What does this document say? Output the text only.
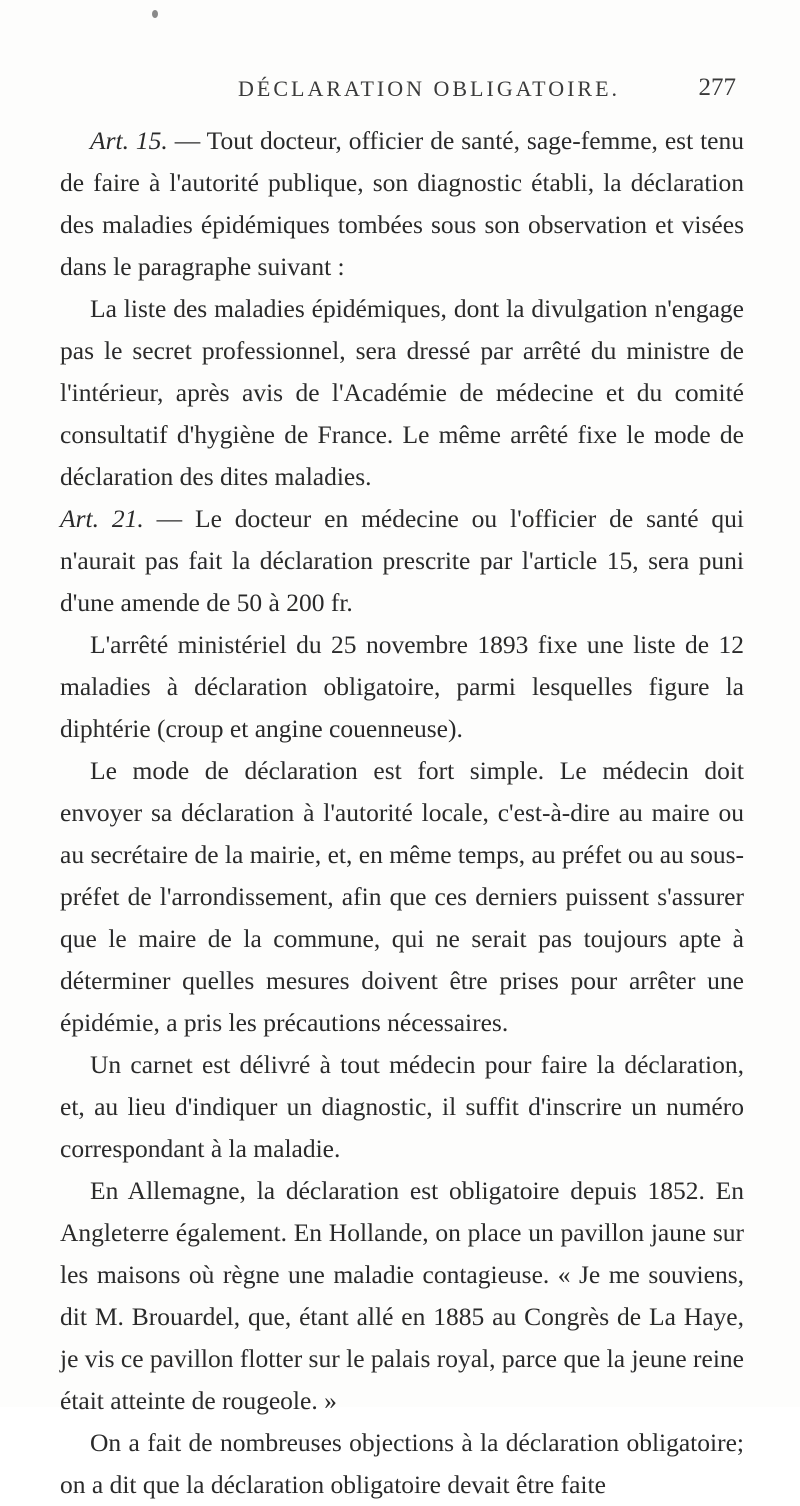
DÉCLARATION OBLIGATOIRE.	277

Art. 15. — Tout docteur, officier de santé, sage-femme, est tenu de faire à l'autorité publique, son diagnostic établi, la déclaration des maladies épidémiques tombées sous son observation et visées dans le paragraphe suivant :

La liste des maladies épidémiques, dont la divulgation n'engage pas le secret professionnel, sera dressé par arrêté du ministre de l'intérieur, après avis de l'Académie de médecine et du comité consultatif d'hygiène de France. Le même arrêté fixe le mode de déclaration des dites maladies.

Art. 21. — Le docteur en médecine ou l'officier de santé qui n'aurait pas fait la déclaration prescrite par l'article 15, sera puni d'une amende de 50 à 200 fr.

L'arrêté ministériel du 25 novembre 1893 fixe une liste de 12 maladies à déclaration obligatoire, parmi lesquelles figure la diphtérie (croup et angine couenneuse).

Le mode de déclaration est fort simple. Le médecin doit envoyer sa déclaration à l'autorité locale, c'est-à-dire au maire ou au secrétaire de la mairie, et, en même temps, au préfet ou au sous-préfet de l'arrondissement, afin que ces derniers puissent s'assurer que le maire de la commune, qui ne serait pas toujours apte à déterminer quelles mesures doivent être prises pour arrêter une épidémie, a pris les précautions nécessaires.

Un carnet est délivré à tout médecin pour faire la déclaration, et, au lieu d'indiquer un diagnostic, il suffit d'inscrire un numéro correspondant à la maladie.

En Allemagne, la déclaration est obligatoire depuis 1852. En Angleterre également. En Hollande, on place un pavillon jaune sur les maisons où règne une maladie contagieuse. « Je me souviens, dit M. Brouardel, que, étant allé en 1885 au Congrès de La Haye, je vis ce pavillon flotter sur le palais royal, parce que la jeune reine était atteinte de rougeole. »

On a fait de nombreuses objections à la déclaration obligatoire; on a dit que la déclaration obligatoire devait être faite
